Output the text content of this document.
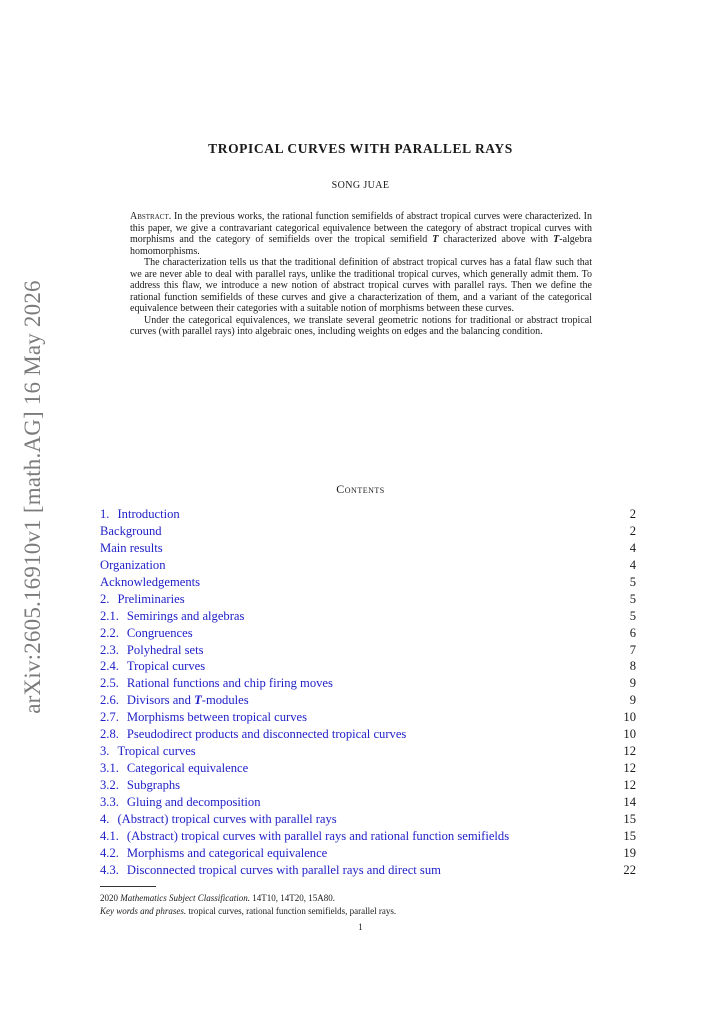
arXiv:2605.16910v1 [math.AG] 16 May 2026
TROPICAL CURVES WITH PARALLEL RAYS
SONG JUAE

Abstract. In the previous works, the rational function semifields of abstract tropical curves were characterized. In this paper, we give a contravariant categorical equivalence between the category of abstract tropical curves with morphisms and the category of semifields over the tropical semifield T characterized above with T-algebra homomorphisms.

The characterization tells us that the traditional definition of abstract tropical curves has a fatal flaw such that we are never able to deal with parallel rays, unlike the traditional tropical curves, which generally admit them. To address this flaw, we introduce a new notion of abstract tropical curves with parallel rays. Then we define the rational function semifields of these curves and give a characterization of them, and a variant of the categorical equivalence between their categories with a suitable notion of morphisms between these curves.

Under the categorical equivalences, we translate several geometric notions for traditional or abstract tropical curves (with parallel rays) into algebraic ones, including weights on edges and the balancing condition.

Contents
1. Introduction	2
Background	2
Main results	4
Organization	4
Acknowledgements	5
2. Preliminaries	5
2.1. Semirings and algebras	5
2.2. Congruences	6
2.3. Polyhedral sets	7
2.4. Tropical curves	8
2.5. Rational functions and chip firing moves	9
2.6. Divisors and T-modules	9
2.7. Morphisms between tropical curves	10
2.8. Pseudodirect products and disconnected tropical curves	10
3. Tropical curves	12
3.1. Categorical equivalence	12
3.2. Subgraphs	12
3.3. Gluing and decomposition	14
4. (Abstract) tropical curves with parallel rays	15
4.1. (Abstract) tropical curves with parallel rays and rational function semifields	15
4.2. Morphisms and categorical equivalence	19
4.3. Disconnected tropical curves with parallel rays and direct sum	22
2020 Mathematics Subject Classification. 14T10, 14T20, 15A80.
Key words and phrases. tropical curves, rational function semifields, parallel rays.
1
